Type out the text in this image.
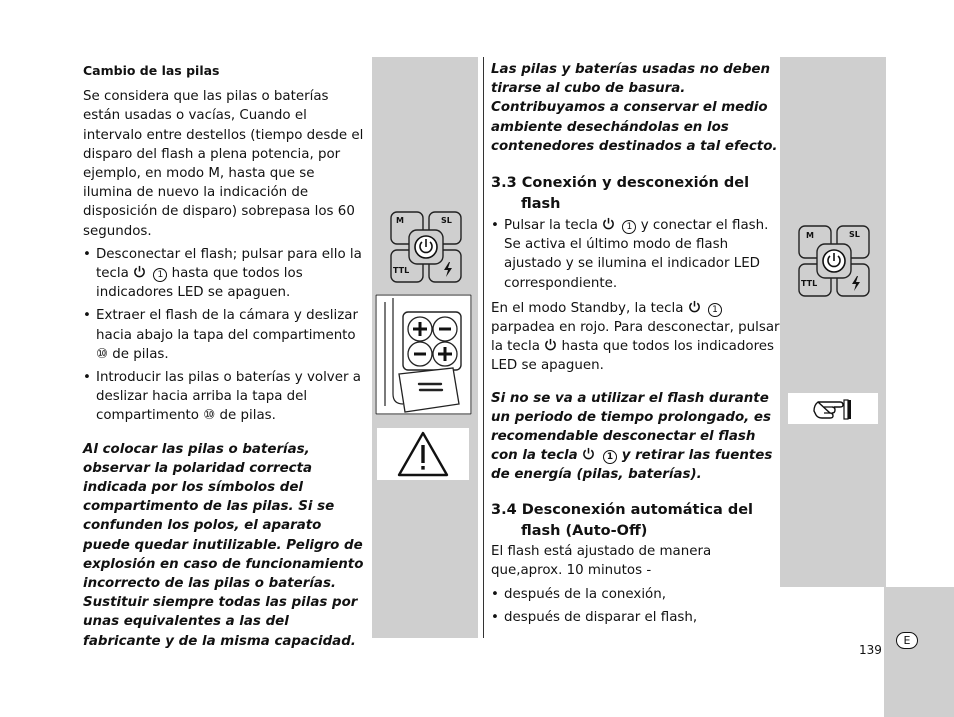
Cambio de las pilas

Se considera que las pilas o baterías están usadas o vacías, Cuando el intervalo entre destellos (tiempo desde el disparo del flash a plena potencia, por ejemplo, en modo M, hasta que se ilumina de nuevo la indicación de disposición de disparo) sobrepasa los 60 segundos.

• Desconectar el flash; pulsar para ello la tecla	1 hasta que todos los indicadores LED se apaguen.
• Extraer el flash de la cámara y deslizar hacia abajo la tapa del compartimento ⑩ de pilas.
• Introducir las pilas o baterías y volver a deslizar hacia arriba la tapa del compartimento ⑩ de pilas.

Al colocar las pilas o baterías, observar la polaridad correcta indicada por los símbolos del compartimento de las pilas. Si se confunden los polos, el aparato puede quedar inutilizable. Peligro de explosión en caso de funcionamiento incorrecto de las pilas o baterías. Sustituir siempre todas las pilas por unas equivalentes a las del fabricante y de la misma capacidad.

M	SL
TTL

Las pilas y baterías usadas no deben tirarse al cubo de basura. Contribuyamos a conservar el medio ambiente desechándolas en los contenedores destinados a tal efecto.

3.3 Conexión y desconexión del
flash

• Pulsar la tecla	1 y conectar el flash. Se activa el último modo de flash ajustado y se ilumina el indicador LED correspondiente.

En el modo Standby, la tecla	1 parpadea en rojo. Para desconectar, pulsar la tecla hasta que todos los indicadores LED se apaguen.

Si no se va a utilizar el flash durante un periodo de tiempo prolongado, es recomendable desconectar el flash con la tecla	1 y retirar las fuentes de energía (pilas, baterías).

3.4 Desconexión automática del
flash (Auto-Off)

El flash está ajustado de manera que,aprox. 10 minutos -

• después de la conexión,
• después de disparar el flash,
M	SL
TTL
139
E
